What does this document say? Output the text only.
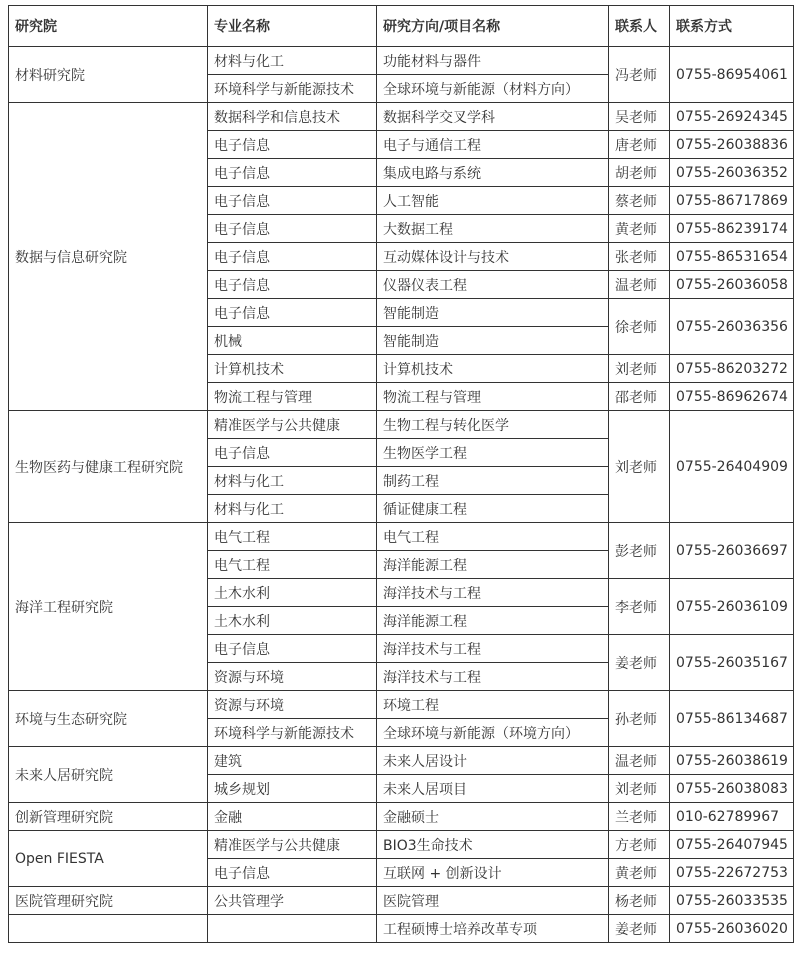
研究院	专业名称	研究方向/项目名称	联系人	联系方式
材料研究院	材料与化工	功能材料与器件	冯老师	0755-86954061
	环境科学与新能源技术	全球环境与新能源（材料方向）		
数据与信息研究院	数据科学和信息技术	数据科学交叉学科	吴老师	0755-26924345
	电子信息	电子与通信工程	唐老师	0755-26038836
	电子信息	集成电路与系统	胡老师	0755-26036352
	电子信息	人工智能	蔡老师	0755-86717869
	电子信息	大数据工程	黄老师	0755-86239174
	电子信息	互动媒体设计与技术	张老师	0755-86531654
	电子信息	仪器仪表工程	温老师	0755-26036058
	电子信息	智能制造	徐老师	0755-26036356
	机械	智能制造		
	计算机技术	计算机技术	刘老师	0755-86203272
	物流工程与管理	物流工程与管理	邵老师	0755-86962674
生物医药与健康工程研究院	精准医学与公共健康	生物工程与转化医学	刘老师	0755-26404909
	电子信息	生物医学工程		
	材料与化工	制药工程		
	材料与化工	循证健康工程		
海洋工程研究院	电气工程	电气工程	彭老师	0755-26036697
	电气工程	海洋能源工程		
	土木水利	海洋技术与工程	李老师	0755-26036109
	土木水利	海洋能源工程		
	电子信息	海洋技术与工程	姜老师	0755-26035167
	资源与环境	海洋技术与工程		
环境与生态研究院	资源与环境	环境工程	孙老师	0755-86134687
	环境科学与新能源技术	全球环境与新能源（环境方向）		
未来人居研究院	建筑	未来人居设计	温老师	0755-26038619
	城乡规划	未来人居项目	刘老师	0755-26038083
创新管理研究院	金融	金融硕士	兰老师	010-62789967
Open FIESTA	精准医学与公共健康	BIO3生命技术	方老师	0755-26407945
	电子信息	互联网 + 创新设计	黄老师	0755-22672753
医院管理研究院	公共管理学	医院管理	杨老师	0755-26033535
		工程硕博士培养改革专项	姜老师	0755-26036020
